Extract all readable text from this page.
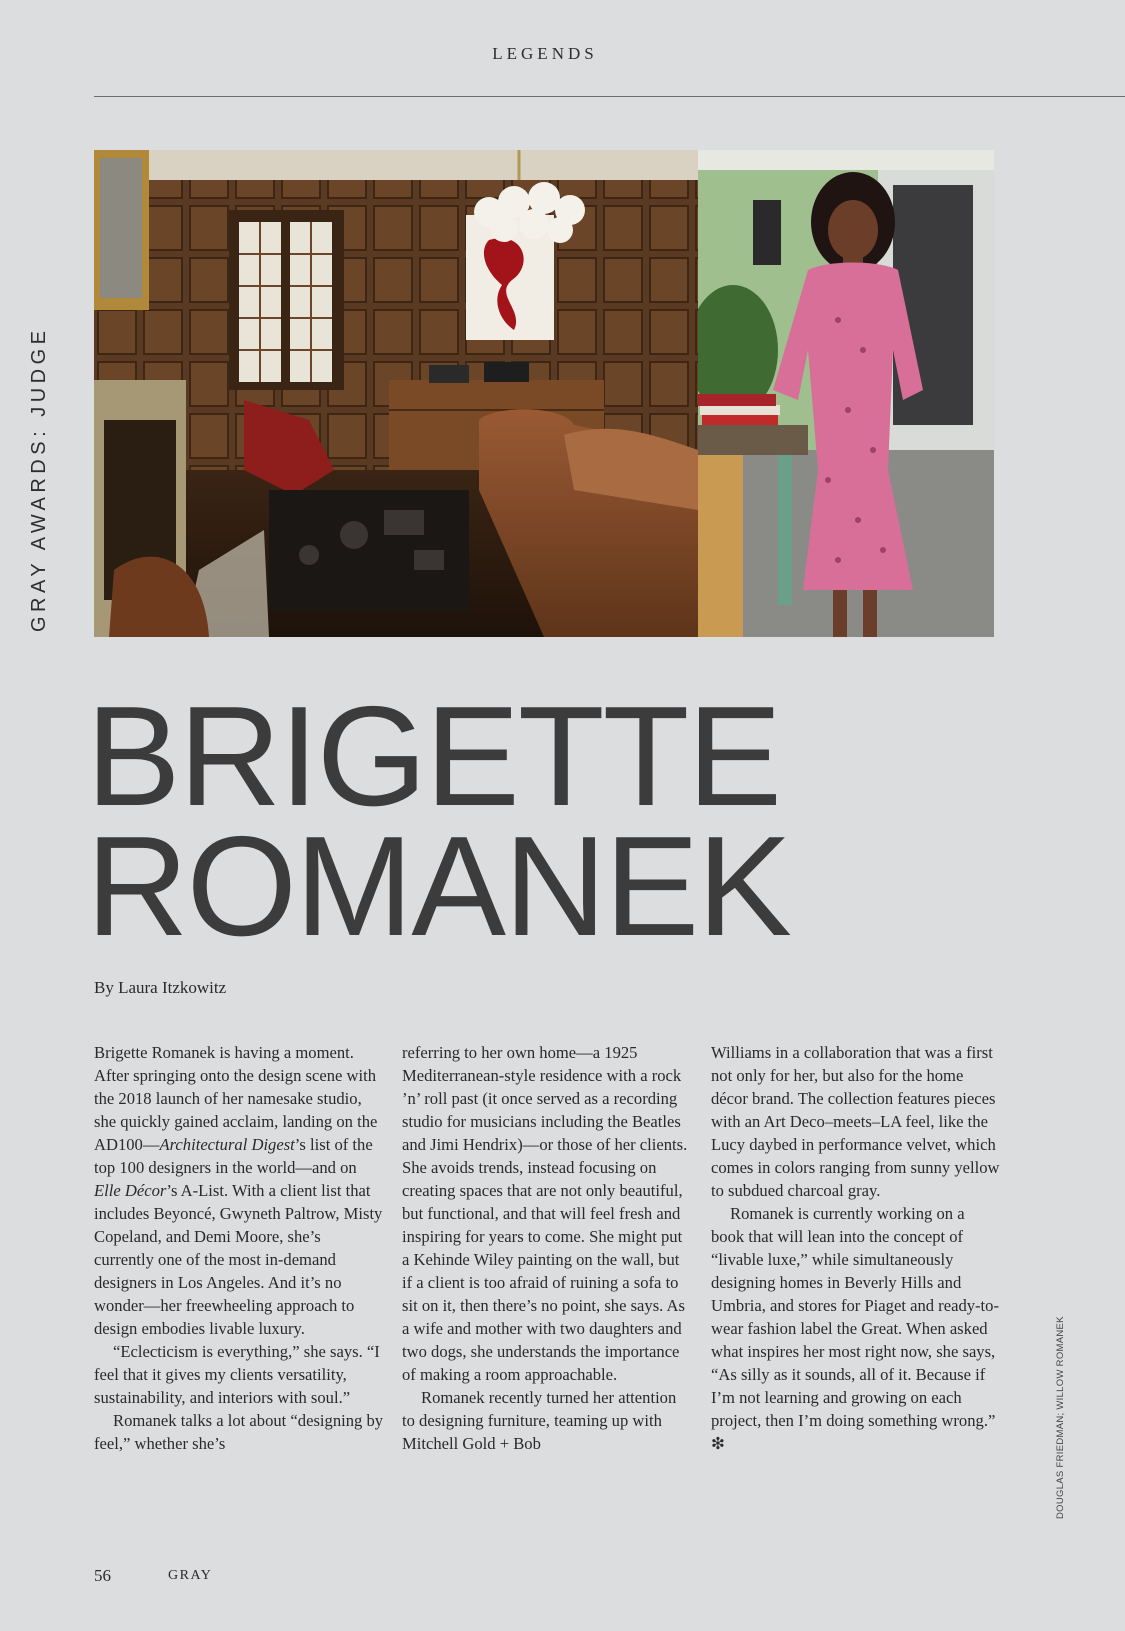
LEGENDS
GRAY AWARDS: JUDGE
BRIGETTE
ROMANEK
By Laura Itzkowitz

Brigette Romanek is having a moment. After springing onto the design scene with the 2018 launch of her namesake studio, she quickly gained acclaim, landing on the AD100—Architectural Digest’s list of the top 100 designers in the world—and on Elle Décor’s A-List. With a client list that includes Beyoncé, Gwyneth Paltrow, Misty Copeland, and Demi Moore, she’s currently one of the most in-demand designers in Los Angeles. And it’s no wonder—her freewheeling approach to design embodies livable luxury.

“Eclecticism is everything,” she says. “I feel that it gives my clients versatility, sustainability, and interiors with soul.”

Romanek talks a lot about “designing by feel,” whether she’s

referring to her own home—a 1925 Mediterranean-style residence with a rock ’n’ roll past (it once served as a recording studio for musicians including the Beatles and Jimi Hendrix)—or those of her clients. She avoids trends, instead focusing on creating spaces that are not only beautiful, but functional, and that will feel fresh and inspiring for years to come. She might put a Kehinde Wiley painting on the wall, but if a client is too afraid of ruining a sofa to sit on it, then there’s no point, she says. As a wife and mother with two daughters and two dogs, she understands the importance of making a room approachable.

Romanek recently turned her attention to designing furniture, teaming up with Mitchell Gold + Bob

Williams in a collaboration that was a first not only for her, but also for the home décor brand. The collection features pieces with an Art Deco–meets–LA feel, like the Lucy daybed in performance velvet, which comes in colors ranging from sunny yellow to subdued charcoal gray.

Romanek is currently working on a book that will lean into the concept of “livable luxe,” while simultaneously designing homes in Beverly Hills and Umbria, and stores for Piaget and ready-to-wear fashion label the Great. When asked what inspires her most right now, she says, “As silly as it sounds, all of it. Because if I’m not learning and growing on each project, then I’m doing something wrong.” ❇	DOUGLAS FRIEDMAN; WILLOW ROMANEK
56	GRAY
